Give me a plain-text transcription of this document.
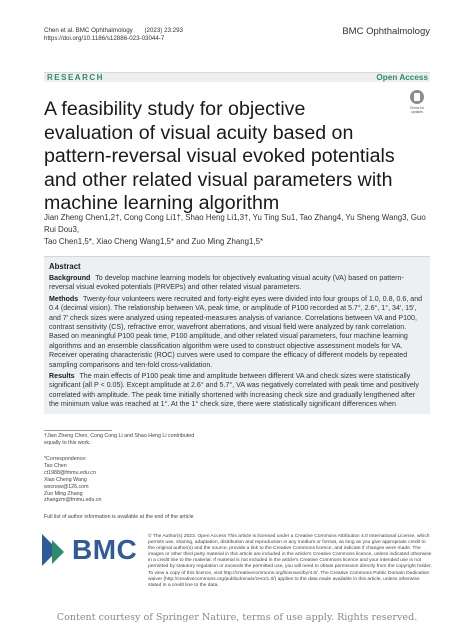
Chen et al. BMC Ophthalmology (2023) 23:293
https://doi.org/10.1186/s12886-023-03044-7
BMC Ophthalmology
RESEARCH	Open Access
Check for
updates
A feasibility study for objective evaluation of visual acuity based on pattern-reversal visual evoked potentials and other related visual parameters with machine learning algorithm
Jian Zheng Chen1,2†, Cong Cong Li1†, Shao Heng Li1,3†, Yu Ting Su1, Tao Zhang4, Yu Sheng Wang3, Guo Rui Dou3,
Tao Chen1,5*, Xiao Cheng Wang1,5* and Zuo Ming Zhang1,5*
Abstract

Background To develop machine learning models for objectively evaluating visual acuity (VA) based on pattern-reversal visual evoked potentials (PRVEPs) and other related visual parameters.

Methods Twenty-four volunteers were recruited and forty-eight eyes were divided into four groups of 1.0, 0.8, 0.6, and 0.4 (decimal vision). The relationship between VA, peak time, or amplitude of P100 recorded at 5.7°, 2.6°, 1°, 34′, 15′, and 7′ check sizes were analyzed using repeated-measures analysis of variance. Correlations between VA and P100, contrast sensitivity (CS), refractive error, wavefront aberrations, and visual field were analyzed by rank correlation. Based on meaningful P100 peak time, P100 amplitude, and other related visual parameters, four machine learning algorithms and an ensemble classification algorithm were used to construct objective assessment models for VA. Receiver operating characteristic (ROC) curves were used to compare the efficacy of different models by repeated sampling comparisons and ten-fold cross-validation.

Results The main effects of P100 peak time and amplitude between different VA and check sizes were statistically significant (all P < 0.05). Except amplitude at 2.6° and 5.7°, VA was negatively correlated with peak time and positively correlated with amplitude. The peak time initially shortened with increasing check size and gradually lengthened after the minimum value was reached at 1°. At the 1° check size, there were statistically significant differences when

†Jian Zheng Chen, Cong Cong Li and Shao Heng Li contributed equally to this work.
*Correspondence:
Tao Chen
ct1988@fmmu.edu.cn
Xiao Cheng Wang
wxcnow@126.com
Zuo Ming Zhang
zhangzm@fmmu.edu.cn
Full list of author information is available at the end of the article
BMC © The Author(s) 2023. Open Access This article is licensed under a Creative Commons Attribution 4.0 International License, which permits use, sharing, adaptation, distribution and reproduction in any medium or format, as long as you give appropriate credit to the original author(s) and the source, provide a link to the Creative Commons licence, and indicate if changes were made. The images or other third party material in this article are included in the article's Creative Commons licence, unless indicated otherwise in a credit line to the material. If material is not included in the article's Creative Commons licence and your intended use is not permitted by statutory regulation or exceeds the permitted use, you will need to obtain permission directly from the copyright holder. To view a copy of this licence, visit http://creativecommons.org/licenses/by/4.0/. The Creative Commons Public Domain Dedication waiver (http://creativecommons.org/publicdomain/zero/1.0/) applies to the data made available in this article, unless otherwise stated in a credit line to the data.
Content courtesy of Springer Nature, terms of use apply. Rights reserved.
